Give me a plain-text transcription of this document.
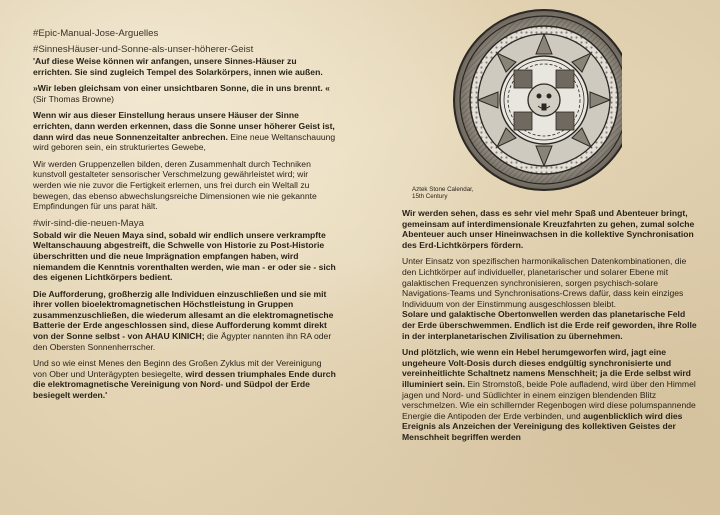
#Epic-Manual-Jose-Arguelles

#SinnesHäuser-und-Sonne-als-unser-höherer-Geist

'Auf diese Weise können wir anfangen, unsere Sinnes-Häuser zu errichten. Sie sind zugleich Tempel des Solarkörpers, innen wie außen.

»Wir leben gleichsam von einer unsichtbaren Sonne, die in uns brennt. « (Sir Thomas Browne)

Wenn wir aus dieser Einstellung heraus unsere Häuser der Sinne errichten, dann werden erkennen, dass die Sonne unser höherer Geist ist, dann wird das neue Sonnenzeitalter anbrechen. Eine neue Weltanschauung wird geboren sein, ein strukturiertes Gewebe,

Wir werden Gruppenzellen bilden, deren Zusammenhalt durch Techniken kunstvoll gestalteter sensorischer Verschmelzung gewährleistet wird; wir werden wie nie zuvor die Fertigkeit erlernen, uns frei durch ein Weltall zu bewegen, das ebenso abwechslungsreiche Dimensionen wie nie gekannte Empfindungen für uns parat hält.

#wir-sind-die-neuen-Maya

Sobald wir die Neuen Maya sind, sobald wir endlich unsere verkrampfte Weltanschauung abgestreift, die Schwelle von Historie zu Post-Historie überschritten und die neue Imprägnation empfangen haben, wird niemandem die Kenntnis vorenthalten werden, wie man - er oder sie - sich des eigenen Lichtkörpers bedient.

Die Aufforderung, großherzig alle Individuen einzuschließen und sie mit ihrer vollen bioelektromagnetischen Höchstleistung in Gruppen zusammenzuschließen, die wiederum allesamt an die elektromagnetische Batterie der Erde angeschlossen sind, diese Aufforderung kommt direkt von der Sonne selbst - von AHAU KINICH; die Ägypter nannten ihn RA oder den Obersten Sonnenherrscher.

Und so wie einst Menes den Beginn des Großen Zyklus mit der Vereinigung von Ober und Unterägypten besiegelte, wird dessen triumphales Ende durch die elektromagnetische Vereinigung von Nord- und Südpol der Erde besiegelt werden.'

Aztek Stone Calendar,
15th Century

Wir werden sehen, dass es sehr viel mehr Spaß und Abenteuer bringt, gemeinsam auf interdimensionale Kreuzfahrten zu gehen, zumal solche Abenteuer auch unser Hineinwachsen in die kollektive Synchronisation des Erd-Lichtkörpers fördern.

Unter Einsatz von spezifischen harmonikalischen Datenkombinationen, die den Lichtkörper auf individueller, planetarischer und solarer Ebene mit galaktischen Frequenzen synchronisieren, sorgen psychisch-solare Navigations-Teams und Synchronisations-Crews dafür, dass kein einziges Individuum von der Einstimmung ausgeschlossen bleibt.

Solare und galaktische Obertonwellen werden das planetarische Feld der Erde überschwemmen. Endlich ist die Erde reif geworden, ihre Rolle in der interplanetarischen Zivilisation zu übernehmen.

Und plötzlich, wie wenn ein Hebel herumgeworfen wird, jagt eine ungeheure Volt-Dosis durch dieses endgültig synchronisierte und vereinheitlichte Schaltnetz namens Menschheit; ja die Erde selbst wird illuminiert sein. Ein Stromstoß, beide Pole aufladend, wird über den Himmel jagen und Nord- und Südlichter in einem einzigen blendenden Blitz verschmelzen. Wie ein schillernder Regenbogen wird diese polumspannende Energie die Antipoden der Erde verbinden, und augenblicklich wird dies Ereignis als Anzeichen der Vereinigung des kollektiven Geistes der Menschheit begriffen werden
